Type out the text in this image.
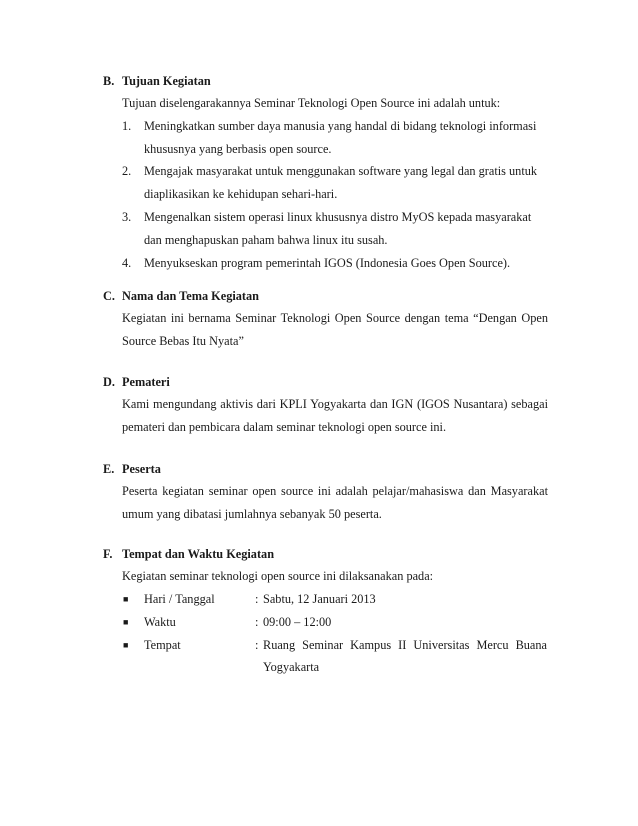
B. Tujuan Kegiatan

Tujuan diselengarakannya Seminar Teknologi Open Source ini adalah untuk:

1. Meningkatkan sumber daya manusia yang handal di bidang teknologi informasi khususnya yang berbasis open source.
2. Mengajak masyarakat untuk menggunakan software yang legal dan gratis untuk diaplikasikan ke kehidupan sehari-hari.
3. Mengenalkan sistem operasi linux khususnya distro MyOS kepada masyarakat dan menghapuskan paham bahwa linux itu susah.
4. Menyukseskan program pemerintah IGOS (Indonesia Goes Open Source).
C. Nama dan Tema Kegiatan

Kegiatan ini bernama Seminar Teknologi Open Source dengan tema “Dengan Open Source Bebas Itu Nyata”

D. Pemateri

Kami mengundang aktivis dari KPLI Yogyakarta dan IGN (IGOS Nusantara) sebagai pemateri dan pembicara dalam seminar teknologi open source ini.

E. Peserta

Peserta kegiatan seminar open source ini adalah pelajar/mahasiswa dan Masyarakat umum yang dibatasi jumlahnya sebanyak 50 peserta.

F. Tempat dan Waktu Kegiatan

Kegiatan seminar teknologi open source ini dilaksanakan pada:

■ Hari / Tanggal	: Sabtu, 12 Januari 2013
■ Waktu	: 09:00 – 12:00
■ Tempat	: Ruang Seminar Kampus II Universitas Mercu Buana
Yogyakarta
